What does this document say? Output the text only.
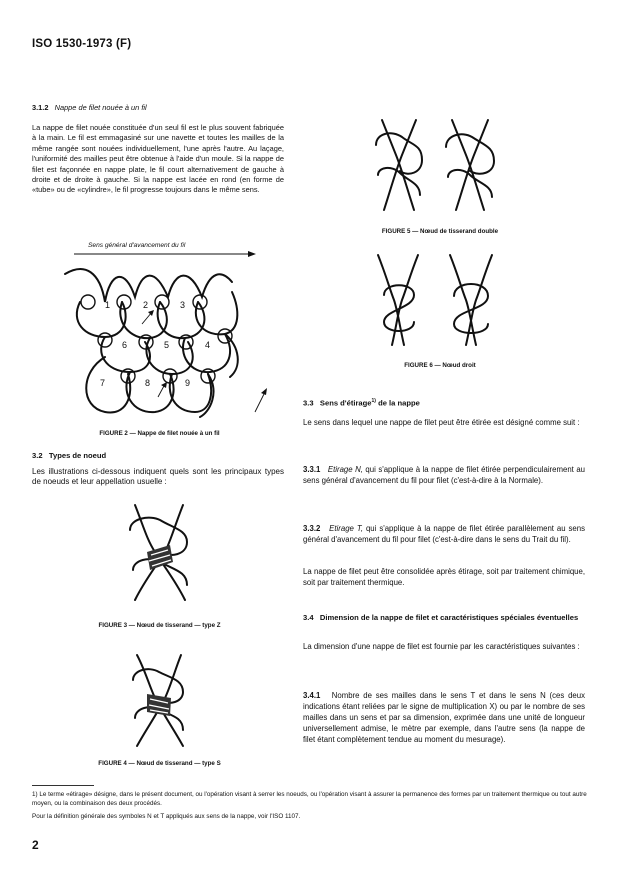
ISO 1530-1973 (F)
3.1.2 Nappe de filet nouée à un fil
La nappe de filet nouée constituée d'un seul fil est le plus souvent fabriquée à la main. Le fil est emmagasiné sur une navette et toutes les mailles de la même rangée sont nouées individuellement, l'une après l'autre. Au laçage, l'uniformité des mailles peut être obtenue à l'aide d'un moule. Si la nappe de filet est façonnée en nappe plate, le fil court alternativement de gauche à droite et de droite à gauche. Si la nappe est lacée en rond (en forme de «tube» ou de «cylindre», le fil progresse toujours dans le même sens.
Sens général d'avancement du fil
1	2	3
6	5	4
7	8	9
FIGURE 2 — Nappe de filet nouée à un fil
3.2 Types de noeud
Les illustrations ci-dessous indiquent quels sont les principaux types de noeuds et leur appellation usuelle :
FIGURE 3 — Nœud de tisserand — type Z
FIGURE 4 — Nœud de tisserand — type S
FIGURE 5 — Nœud de tisserand double
FIGURE 6 — Nœud droit
3.3 Sens d'étirage$^{1)}$ de la nappe
Le sens dans lequel une nappe de filet peut être étirée est désigné comme suit :
3.3.1 Etirage N, qui s'applique à la nappe de filet étirée perpendiculairement au sens général d'avancement du fil pour filet (c'est-à-dire à la Normale).
3.3.2 Etirage T, qui s'applique à la nappe de filet étirée parallèlement au sens général d'avancement du fil pour filet (c'est-à-dire dans le sens du Trait du fil).
La nappe de filet peut être consolidée après étirage, soit par traitement chimique, soit par traitement thermique.
3.4 Dimension de la nappe de filet et caractéristiques spéciales éventuelles
La dimension d'une nappe de filet est fournie par les caractéristiques suivantes :
3.4.1 Nombre de ses mailles dans le sens T et dans le sens N (ces deux indications étant reliées par le signe de multiplication X) ou par le nombre de ses mailles dans un sens et par sa dimension, exprimée dans une unité de longueur universellement admise, le mètre par exemple, dans l'autre sens (la nappe de filet étant complètement tendue au moment du mesurage).
1) Le terme «étirage» désigne, dans le présent document, ou l'opération visant à serrer les noeuds, ou l'opération visant à assurer la permanence des formes par un traitement thermique ou tout autre moyen, ou la combinaison des deux procédés.
Pour la définition générale des symboles N et T appliqués aux sens de la nappe, voir l'ISO 1107.
2
